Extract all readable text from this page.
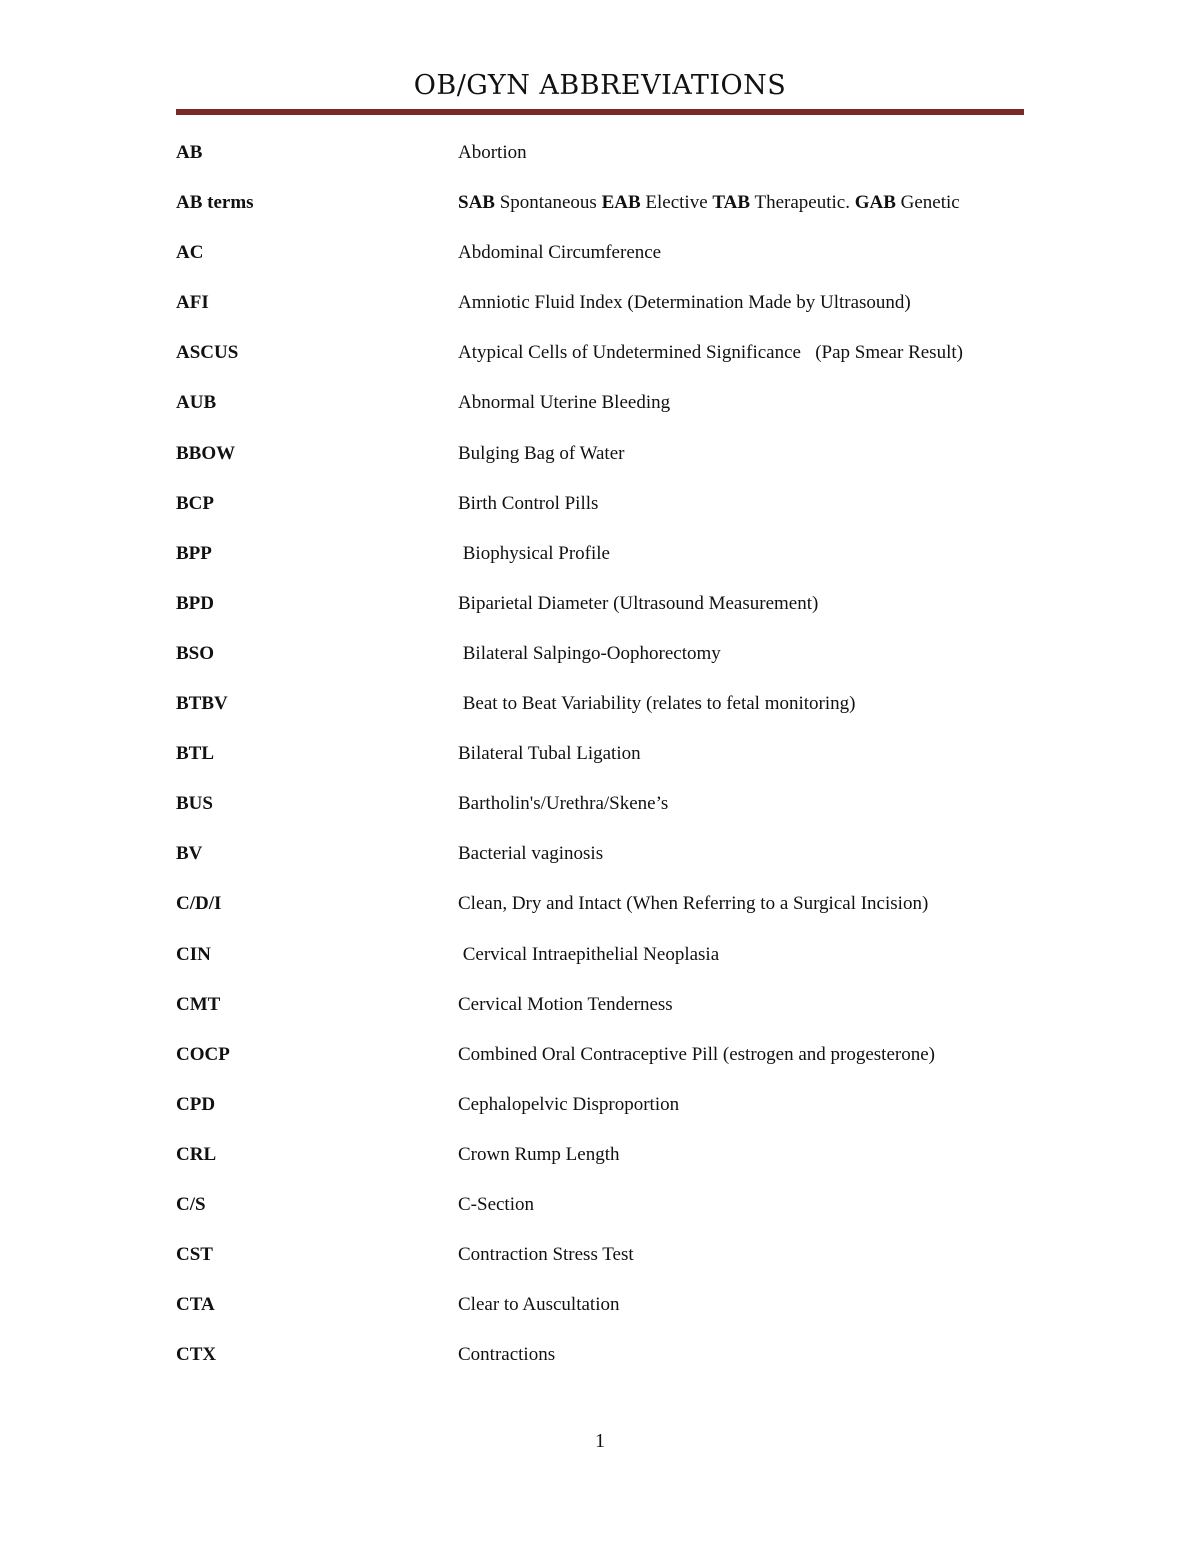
OB/GYN ABBREVIATIONS
AB	Abortion
AB terms	SAB Spontaneous EAB Elective TAB Therapeutic. GAB Genetic
AC	Abdominal Circumference
AFI	Amniotic Fluid Index (Determination Made by Ultrasound)
ASCUS	Atypical Cells of Undetermined Significance   (Pap Smear Result)
AUB	Abnormal Uterine Bleeding
BBOW	Bulging Bag of Water
BCP	Birth Control Pills
BPP	Biophysical Profile
BPD	Biparietal Diameter (Ultrasound Measurement)
BSO	Bilateral Salpingo-Oophorectomy
BTBV	Beat to Beat Variability (relates to fetal monitoring)
BTL	Bilateral Tubal Ligation
BUS	Bartholin's/Urethra/Skene’s
BV	Bacterial vaginosis
C/D/I	Clean, Dry and Intact (When Referring to a Surgical Incision)
CIN	Cervical Intraepithelial Neoplasia
CMT	Cervical Motion Tenderness
COCP	Combined Oral Contraceptive Pill (estrogen and progesterone)
CPD	Cephalopelvic Disproportion
CRL	Crown Rump Length
C/S	C-Section
CST	Contraction Stress Test
CTA	Clear to Auscultation
CTX	Contractions
1
